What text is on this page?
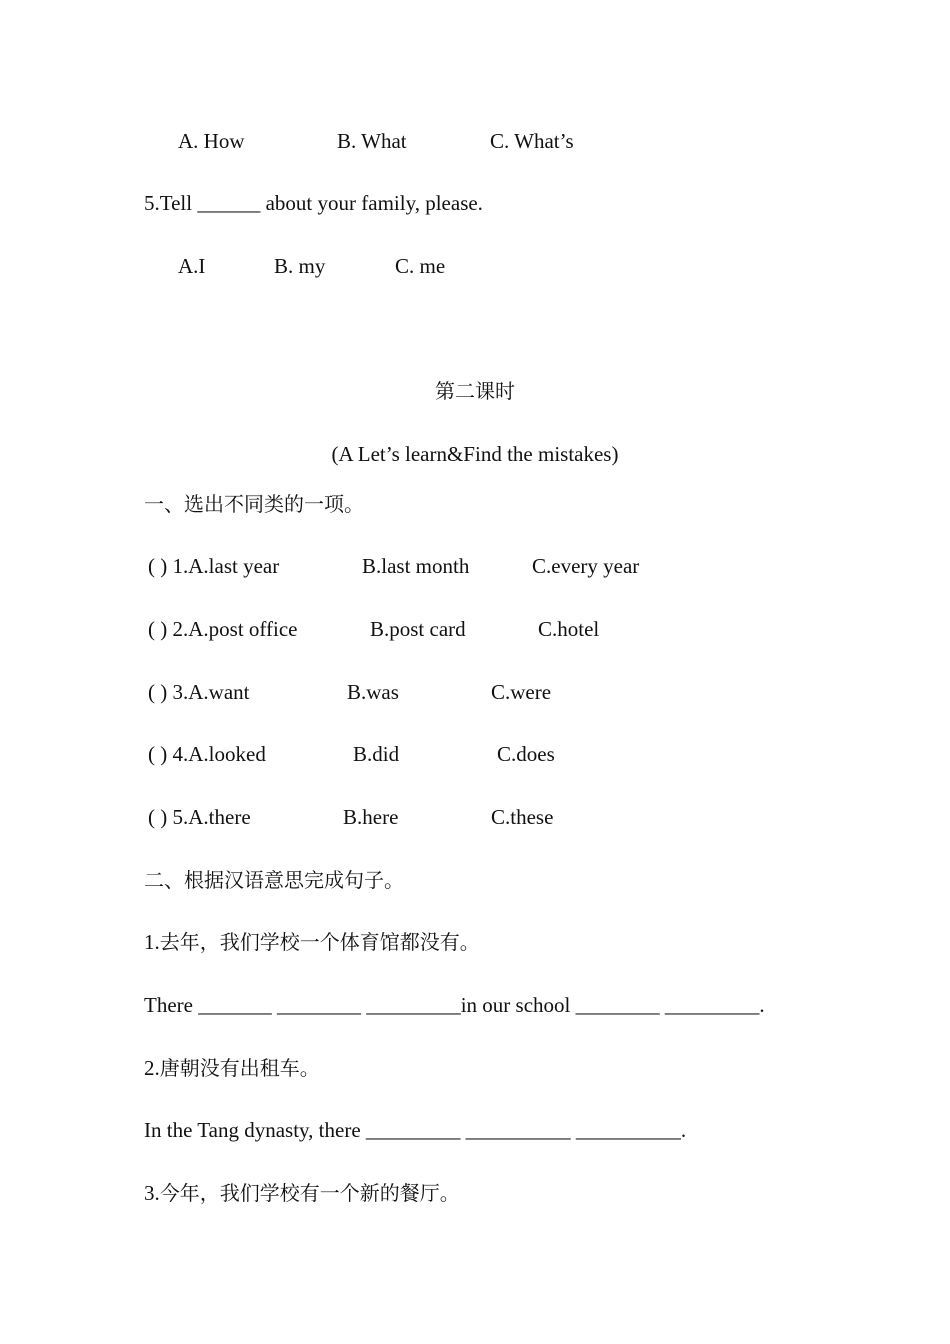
A. How	B. What	C. What’s
5.Tell ______ about your family, please.
A.I	B. my	C. me
第二课时
(A Let’s learn&Find the mistakes)
一、选出不同类的一项。
( ) 1.A.last year	B.last month	C.every year
( ) 2.A.post office	B.post card	C.hotel
( ) 3.A.want	B.was	C.were
( ) 4.A.looked	B.did	C.does
( ) 5.A.there	B.here	C.these
二、根据汉语意思完成句子。
1.去年，我们学校一个体育馆都没有。
There _______ ________ _________in our school ________ _________.
2.唐朝没有出租车。
In the Tang dynasty, there _________ __________ __________.
3.今年，我们学校有一个新的餐厅。
